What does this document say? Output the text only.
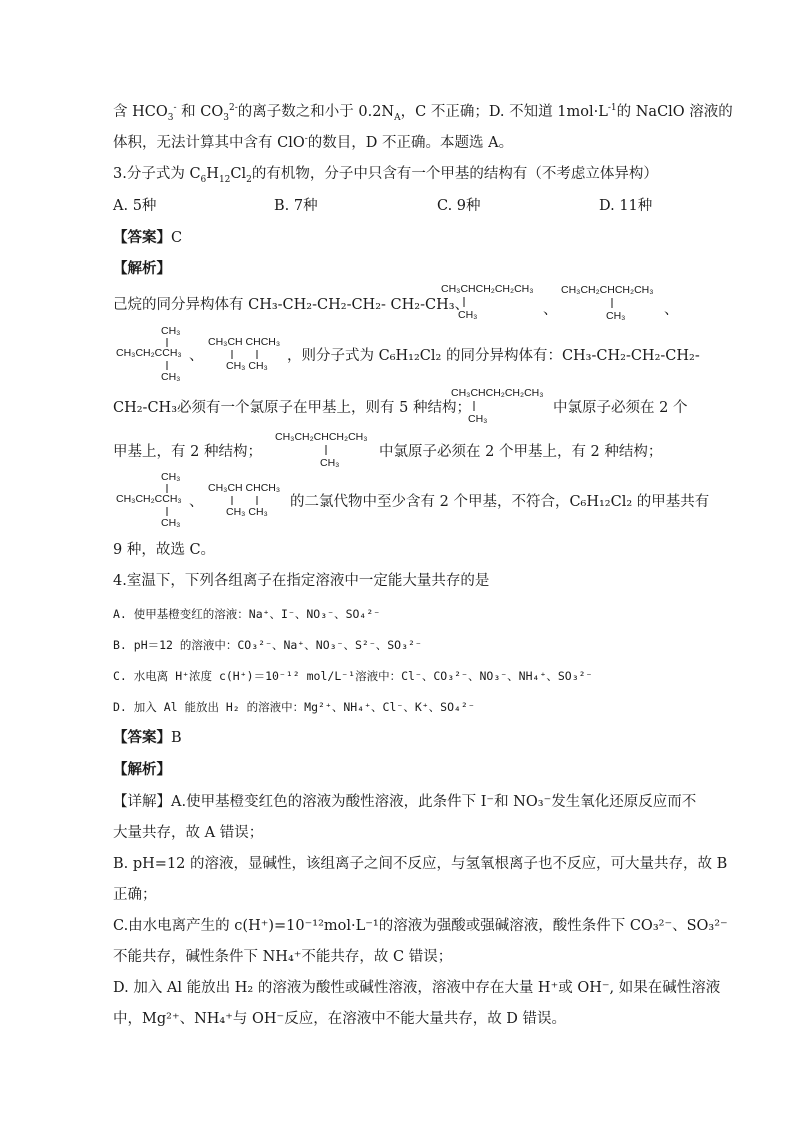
含 $HCO_3^-$ 和 $CO_3^{2-}$的离子数之和小于 $0.2N_A$，C 不正确；D. 不知道 $1mol\cdot L^{-1}$的 NaClO 溶液的
体积，无法计算其中含有 ClO-的数目，D 不正确。本题选 A。
3.分子式为 $C_6H_{12}Cl_2$的有机物，分子中只含有一个甲基的结构有（不考虑立体异构）
A. 5种	B. 7种	C. 9种	D. 11种
【答案】C
【解析】
己烷的同分异构体有 CH₃-CH₂-CH₂-CH₂- CH₂-CH₃、
CH₃CHCH₂CH₂CH₃
CH₃	、
CH₃CH₂CHCH₂CH₃
CH₃	、
CH₃
CH₃CH₂CCH₃
CH₃
、
CH₃CH CHCH₃
CH₃ CH₃
，则分子式为 C₆H₁₂Cl₂ 的同分异构体有：CH₃-CH₂-CH₂-CH₂-
CH₂-CH₃必须有一个氯原子在甲基上，则有 5 种结构；
CH₃CHCH₂CH₂CH₃
CH₃
中氯原子必须在 2 个
甲基上，有 2 种结构；
CH₃CH₂CHCH₂CH₃
CH₃
中氯原子必须在 2 个甲基上，有 2 种结构；
CH₃
CH₃CH₂CCH₃
CH₃
、
CH₃CH CHCH₃
CH₃ CH₃
的二氯代物中至少含有 2 个甲基，不符合，C₆H₁₂Cl₂ 的甲基共有
9 种，故选 C。
4.室温下，下列各组离子在指定溶液中一定能大量共存的是
A. 使甲基橙变红的溶液：Na⁺、I⁻、NO₃⁻、SO₄²⁻
B. pH＝12 的溶液中：CO₃²⁻、Na⁺、NO₃⁻、S²⁻、SO₃²⁻
C. 水电离 H⁺浓度 c(H⁺)＝10⁻¹² mol/L⁻¹溶液中：Cl⁻、CO₃²⁻、NO₃⁻、NH₄⁺、SO₃²⁻
D. 加入 Al 能放出 H₂ 的溶液中：Mg²⁺、NH₄⁺、Cl⁻、K⁺、SO₄²⁻
【答案】B
【解析】
【详解】A.使甲基橙变红色的溶液为酸性溶液，此条件下 I⁻和 NO₃⁻发生氧化还原反应而不
大量共存，故 A 错误；
B. pH=12 的溶液，显碱性，该组离子之间不反应，与氢氧根离子也不反应，可大量共存，故 B
正确；
C.由水电离产生的 c(H⁺)=10⁻¹²mol·L⁻¹的溶液为强酸或强碱溶液，酸性条件下 CO₃²⁻、SO₃²⁻
不能共存，碱性条件下 NH₄⁺不能共存，故 C 错误；
D. 加入 Al 能放出 H₂ 的溶液为酸性或碱性溶液，溶液中存在大量 H⁺或 OH⁻, 如果在碱性溶液
中，Mg²⁺、NH₄⁺与 OH⁻反应，在溶液中不能大量共存，故 D 错误。
